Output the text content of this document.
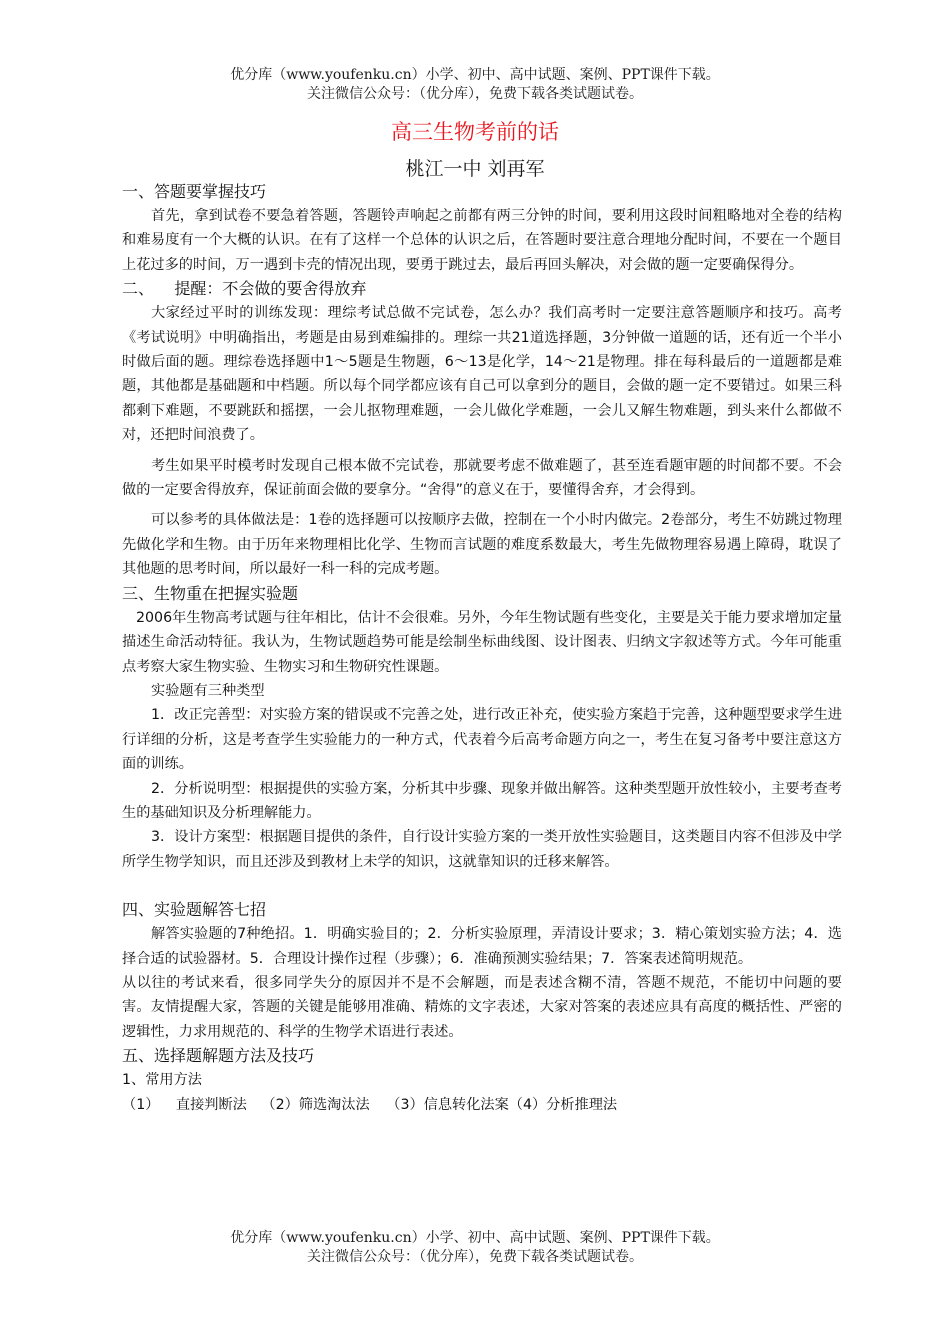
优分库（www.youfenku.cn）小学、初中、高中试题、案例、PPT课件下载。
关注微信公众号：（优分库），免费下载各类试题试卷。
高三生物考前的话
桃江一中 刘再军
一、答题要掌握技巧

首先，拿到试卷不要急着答题，答题铃声响起之前都有两三分钟的时间，要利用这段时间粗略地对全卷的结构和难易度有一个大概的认识。在有了这样一个总体的认识之后，在答题时要注意合理地分配时间，不要在一个题目上花过多的时间，万一遇到卡壳的情况出现，要勇于跳过去，最后再回头解决，对会做的题一定要确保得分。

二、    提醒：不会做的要舍得放弃

大家经过平时的训练发现：理综考试总做不完试卷，怎么办？我们高考时一定要注意答题顺序和技巧。高考《考试说明》中明确指出，考题是由易到难编排的。理综一共21道选择题，3分钟做一道题的话，还有近一个半小时做后面的题。理综卷选择题中1～5题是生物题，6～13是化学，14～21是物理。排在每科最后的一道题都是难题，其他都是基础题和中档题。所以每个同学都应该有自己可以拿到分的题目，会做的题一定不要错过。如果三科都剩下难题，不要跳跃和摇摆，一会儿抠物理难题，一会儿做化学难题，一会儿又解生物难题，到头来什么都做不对，还把时间浪费了。

考生如果平时模考时发现自己根本做不完试卷，那就要考虑不做难题了，甚至连看题审题的时间都不要。不会做的一定要舍得放弃，保证前面会做的要拿分。“舍得”的意义在于，要懂得舍弃，才会得到。

可以参考的具体做法是：1卷的选择题可以按顺序去做，控制在一个小时内做完。2卷部分，考生不妨跳过物理先做化学和生物。由于历年来物理相比化学、生物而言试题的难度系数最大，考生先做物理容易遇上障碍，耽误了其他题的思考时间，所以最好一科一科的完成考题。

三、生物重在把握实验题

2006年生物高考试题与往年相比，估计不会很难。另外，今年生物试题有些变化，主要是关于能力要求增加定量描述生命活动特征。我认为，生物试题趋势可能是绘制坐标曲线图、设计图表、归纳文字叙述等方式。今年可能重点考察大家生物实验、生物实习和生物研究性课题。

实验题有三种类型

1．改正完善型：对实验方案的错误或不完善之处，进行改正补充，使实验方案趋于完善，这种题型要求学生进行详细的分析，这是考查学生实验能力的一种方式，代表着今后高考命题方向之一，考生在复习备考中要注意这方面的训练。

2．分析说明型：根据提供的实验方案，分析其中步骤、现象并做出解答。这种类型题开放性较小，主要考查考生的基础知识及分析理解能力。

3．设计方案型：根据题目提供的条件，自行设计实验方案的一类开放性实验题目，这类题目内容不但涉及中学所学生物学知识，而且还涉及到教材上未学的知识，这就靠知识的迁移来解答。

四、实验题解答七招

解答实验题的7种绝招。1．明确实验目的；2．分析实验原理，弄清设计要求；3．精心策划实验方法；4．选择合适的试验器材。5．合理设计操作过程（步骤）；6．准确预测实验结果；7．答案表述简明规范。

从以往的考试来看，很多同学失分的原因并不是不会解题，而是表述含糊不清，答题不规范，不能切中问题的要害。友情提醒大家，答题的关键是能够用准确、精炼的文字表述，大家对答案的表述应具有高度的概括性、严密的逻辑性，力求用规范的、科学的生物学术语进行表述。

五、选择题解题方法及技巧

1、常用方法

（1） 直接判断法 （2）筛选淘汰法 （3）信息转化法案（4）分析推理法
优分库（www.youfenku.cn）小学、初中、高中试题、案例、PPT课件下载。
关注微信公众号：（优分库），免费下载各类试题试卷。
